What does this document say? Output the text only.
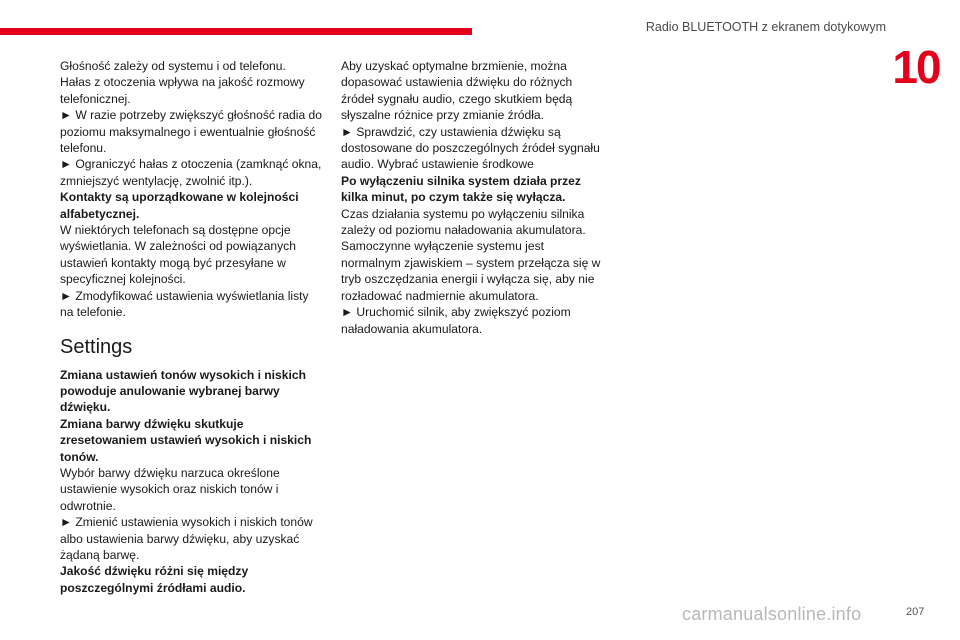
Radio BLUETOOTH z ekranem dotykowym
10

Głośność zależy od systemu i od telefonu.

Hałas z otoczenia wpływa na jakość rozmowy telefonicznej.

► W razie potrzeby zwiększyć głośność radia do poziomu maksymalnego i ewentualnie głośność telefonu.

► Ograniczyć hałas z otoczenia (zamknąć okna, zmniejszyć wentylację, zwolnić itp.).

Kontakty są uporządkowane w kolejności alfabetycznej.

W niektórych telefonach są dostępne opcje wyświetlania. W zależności od powiązanych ustawień kontakty mogą być przesyłane w specyficznej kolejności.

► Zmodyfikować ustawienia wyświetlania listy na telefonie.

Settings

Zmiana ustawień tonów wysokich i niskich powoduje anulowanie wybranej barwy dźwięku.

Zmiana barwy dźwięku skutkuje zresetowaniem ustawień wysokich i niskich tonów.

Wybór barwy dźwięku narzuca określone ustawienie wysokich oraz niskich tonów i odwrotnie.

► Zmienić ustawienia wysokich i niskich tonów albo ustawienia barwy dźwięku, aby uzyskać żądaną barwę.

Jakość dźwięku różni się między poszczególnymi źródłami audio.

Aby uzyskać optymalne brzmienie, można dopasować ustawienia dźwięku do różnych źródeł sygnału audio, czego skutkiem będą słyszalne różnice przy zmianie źródła.

► Sprawdzić, czy ustawienia dźwięku są dostosowane do poszczególnych źródeł sygnału audio. Wybrać ustawienie środkowe

Po wyłączeniu silnika system działa przez kilka minut, po czym także się wyłącza.

Czas działania systemu po wyłączeniu silnika zależy od poziomu naładowania akumulatora.

Samoczynne wyłączenie systemu jest normalnym zjawiskiem – system przełącza się w tryb oszczędzania energii i wyłącza się, aby nie rozładować nadmiernie akumulatora.

► Uruchomić silnik, aby zwiększyć poziom naładowania akumulatora.

207
carmanualsonline.info
